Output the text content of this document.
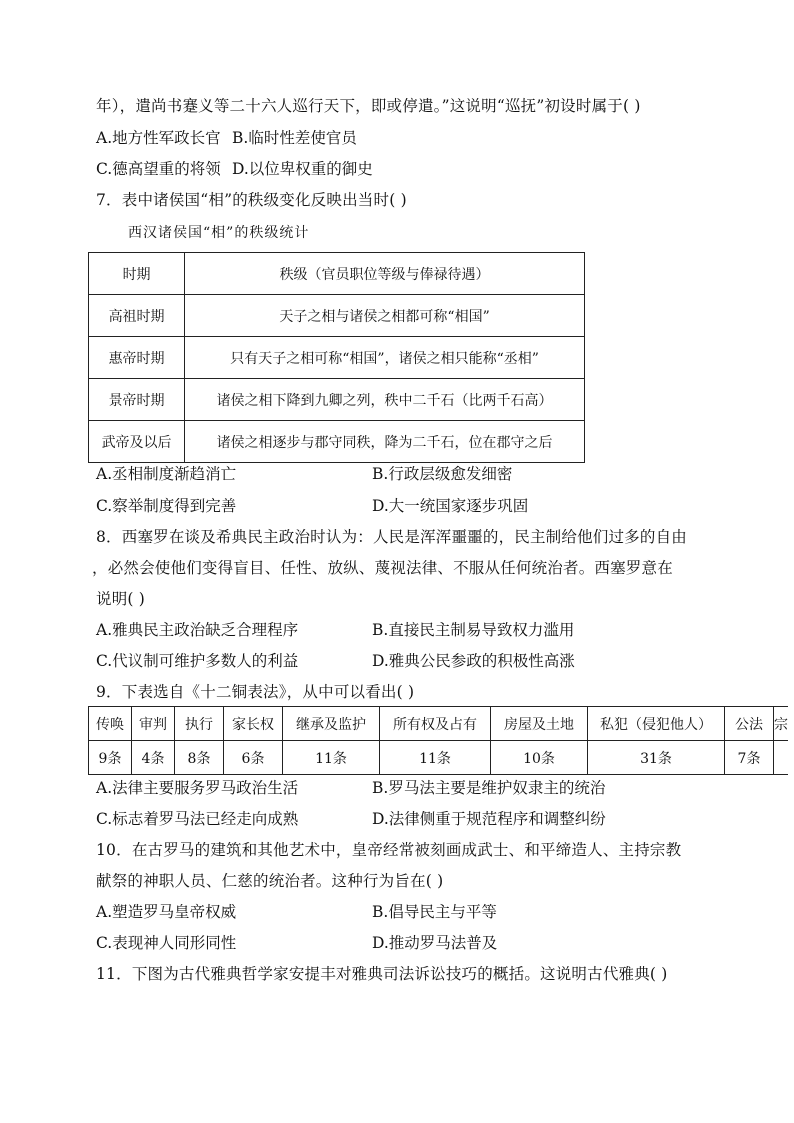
年），遣尚书蹇义等二十六人巡行天下，即或停遣。”这说明“巡抚”初设时属于( )
A.地方性军政长官 B.临时性差使官员
C.德高望重的将领 D.以位卑权重的御史
7．表中诸侯国“相”的秩级变化反映出当时( )
西汉诸侯国“相”的秩级统计
时期	秩级（官员职位等级与俸禄待遇）
高祖时期	天子之相与诸侯之相都可称“相国”
惠帝时期	只有天子之相可称“相国”，诸侯之相只能称“丞相”
景帝时期	诸侯之相下降到九卿之列，秩中二千石（比两千石高）
武帝及以后	诸侯之相逐步与郡守同秩，降为二千石，位在郡守之后
A.丞相制度渐趋消亡	B.行政层级愈发细密
C.察举制度得到完善	D.大一统国家逐步巩固
8．西塞罗在谈及希典民主政治时认为：人民是浑浑噩噩的，民主制给他们过多的自由
，必然会使他们变得盲目、任性、放纵、蔑视法律、不服从任何统治者。西塞罗意在
说明( )
A.雅典民主政治缺乏合理程序	B.直接民主制易导致权力滥用
C.代议制可维护多数人的利益	D.雅典公民参政的积极性高涨
9．下表选自《十二铜表法》，从中可以看出( )
传唤	审判	执行	家长权	继承及监护	所有权及占有	房屋及土地	私犯（侵犯他人）	公法	宗
9条	4条	8条	6条	11条	11条	10条	31条	7条	
A.法律主要服务罗马政治生活	B.罗马法主要是维护奴隶主的统治
C.标志着罗马法已经走向成熟	D.法律侧重于规范程序和调整纠纷
10．在古罗马的建筑和其他艺术中，皇帝经常被刻画成武士、和平缔造人、主持宗教
献祭的神职人员、仁慈的统治者。这种行为旨在( )
A.塑造罗马皇帝权威	B.倡导民主与平等
C.表现神人同形同性	D.推动罗马法普及
11．下图为古代雅典哲学家安提丰对雅典司法诉讼技巧的概括。这说明古代雅典( )
